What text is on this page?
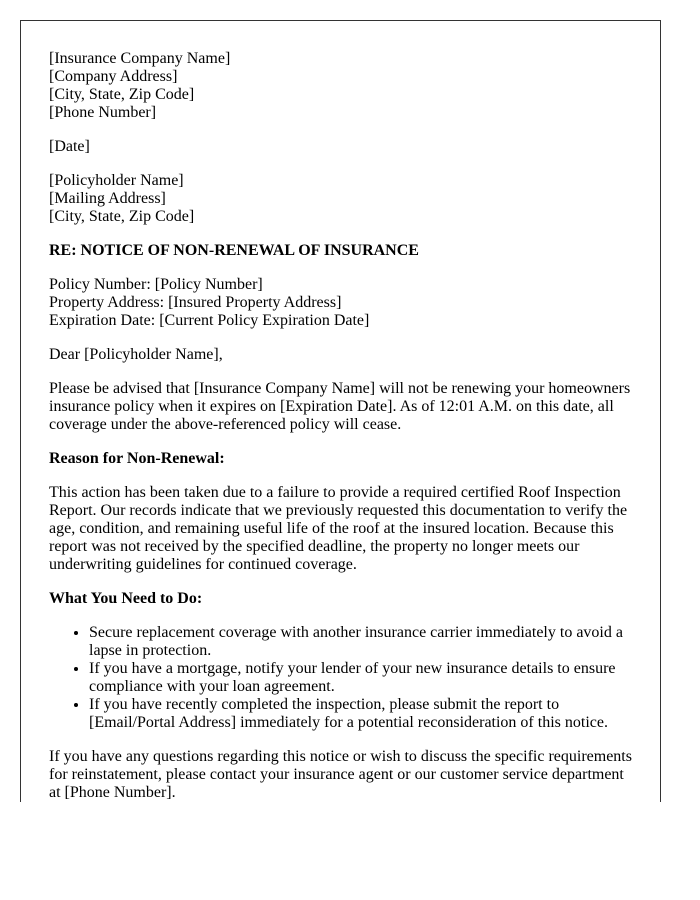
[Insurance Company Name]
[Company Address]
[City, State, Zip Code]
[Phone Number]
[Date]
[Policyholder Name]
[Mailing Address]
[City, State, Zip Code]
RE: NOTICE OF NON-RENEWAL OF INSURANCE
Policy Number: [Policy Number]
Property Address: [Insured Property Address]
Expiration Date: [Current Policy Expiration Date]

Dear [Policyholder Name],

Please be advised that [Insurance Company Name] will not be renewing your homeowners insurance policy when it expires on [Expiration Date]. As of 12:01 A.M. on this date, all coverage under the above-referenced policy will cease.

Reason for Non-Renewal:

This action has been taken due to a failure to provide a required certified Roof Inspection Report. Our records indicate that we previously requested this documentation to verify the age, condition, and remaining useful life of the roof at the insured location. Because this report was not received by the specified deadline, the property no longer meets our underwriting guidelines for continued coverage.

What You Need to Do:
• Secure replacement coverage with another insurance carrier immediately to avoid a lapse in protection.
• If you have a mortgage, notify your lender of your new insurance details to ensure compliance with your loan agreement.
• If you have recently completed the inspection, please submit the report to [Email/Portal Address] immediately for a potential reconsideration of this notice.

If you have any questions regarding this notice or wish to discuss the specific requirements for reinstatement, please contact your insurance agent or our customer service department at [Phone Number].
